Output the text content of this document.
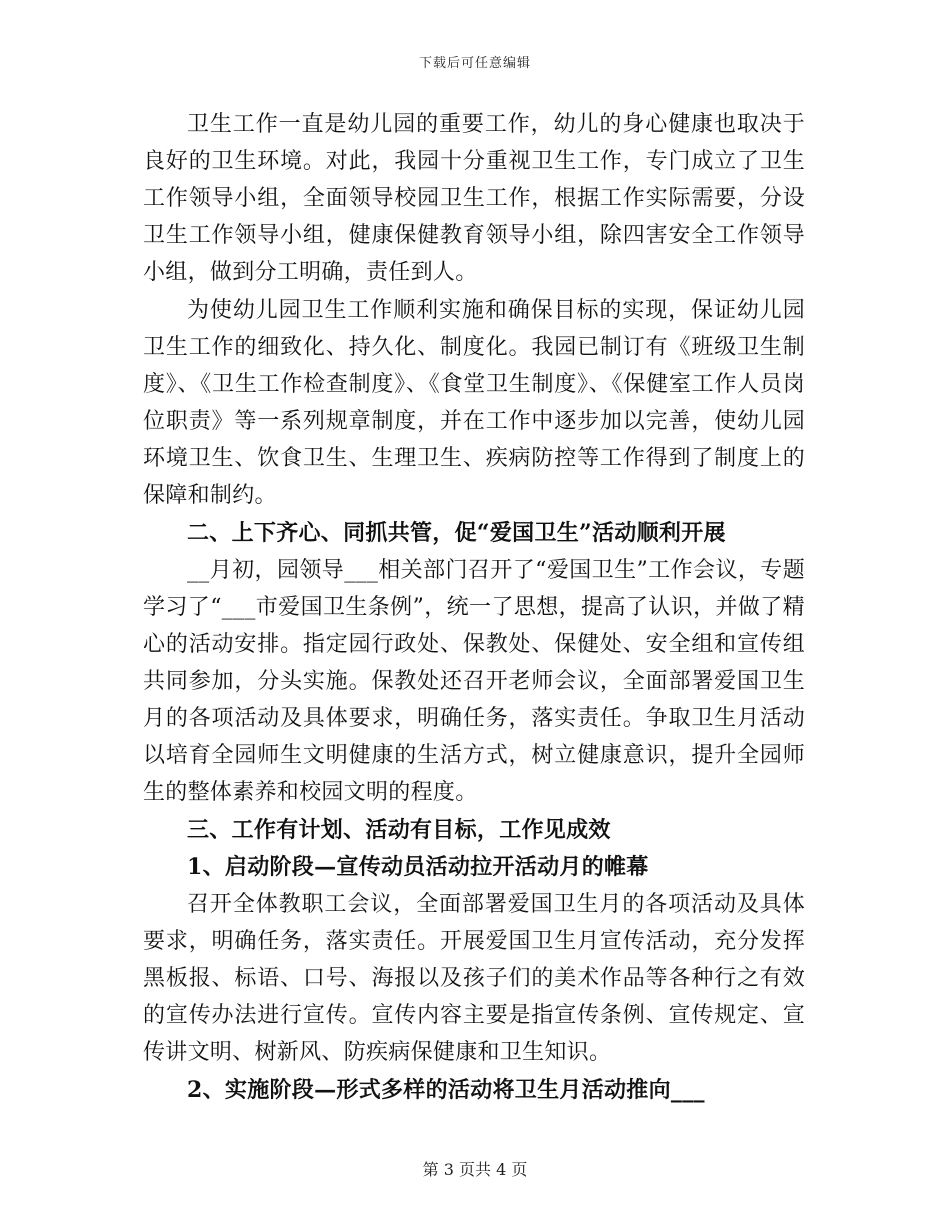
下载后可任意编辑

卫生工作一直是幼儿园的重要工作，幼儿的身心健康也取决于良好的卫生环境。对此，我园十分重视卫生工作，专门成立了卫生工作领导小组，全面领导校园卫生工作，根据工作实际需要，分设卫生工作领导小组，健康保健教育领导小组，除四害安全工作领导小组，做到分工明确，责任到人。

为使幼儿园卫生工作顺利实施和确保目标的实现，保证幼儿园卫生工作的细致化、持久化、制度化。我园已制订有《班级卫生制度》、《卫生工作检查制度》、《食堂卫生制度》、《保健室工作人员岗位职责》等一系列规章制度，并在工作中逐步加以完善，使幼儿园环境卫生、饮食卫生、生理卫生、疾病防控等工作得到了制度上的保障和制约。

二、上下齐心、同抓共管，促“爱国卫生”活动顺利开展

__月初，园领导___相关部门召开了“爱国卫生”工作会议，专题学习了“___市爱国卫生条例”，统一了思想，提高了认识，并做了精心的活动安排。指定园行政处、保教处、保健处、安全组和宣传组共同参加，分头实施。保教处还召开老师会议，全面部署爱国卫生月的各项活动及具体要求，明确任务，落实责任。争取卫生月活动以培育全园师生文明健康的生活方式，树立健康意识，提升全园师生的整体素养和校园文明的程度。

三、工作有计划、活动有目标，工作见成效

1、启动阶段—宣传动员活动拉开活动月的帷幕

召开全体教职工会议，全面部署爱国卫生月的各项活动及具体要求，明确任务，落实责任。开展爱国卫生月宣传活动，充分发挥黑板报、标语、口号、海报以及孩子们的美术作品等各种行之有效的宣传办法进行宣传。宣传内容主要是指宣传条例、宣传规定、宣传讲文明、树新风、防疾病保健康和卫生知识。

2、实施阶段—形式多样的活动将卫生月活动推向___

第 3 页共 4 页
